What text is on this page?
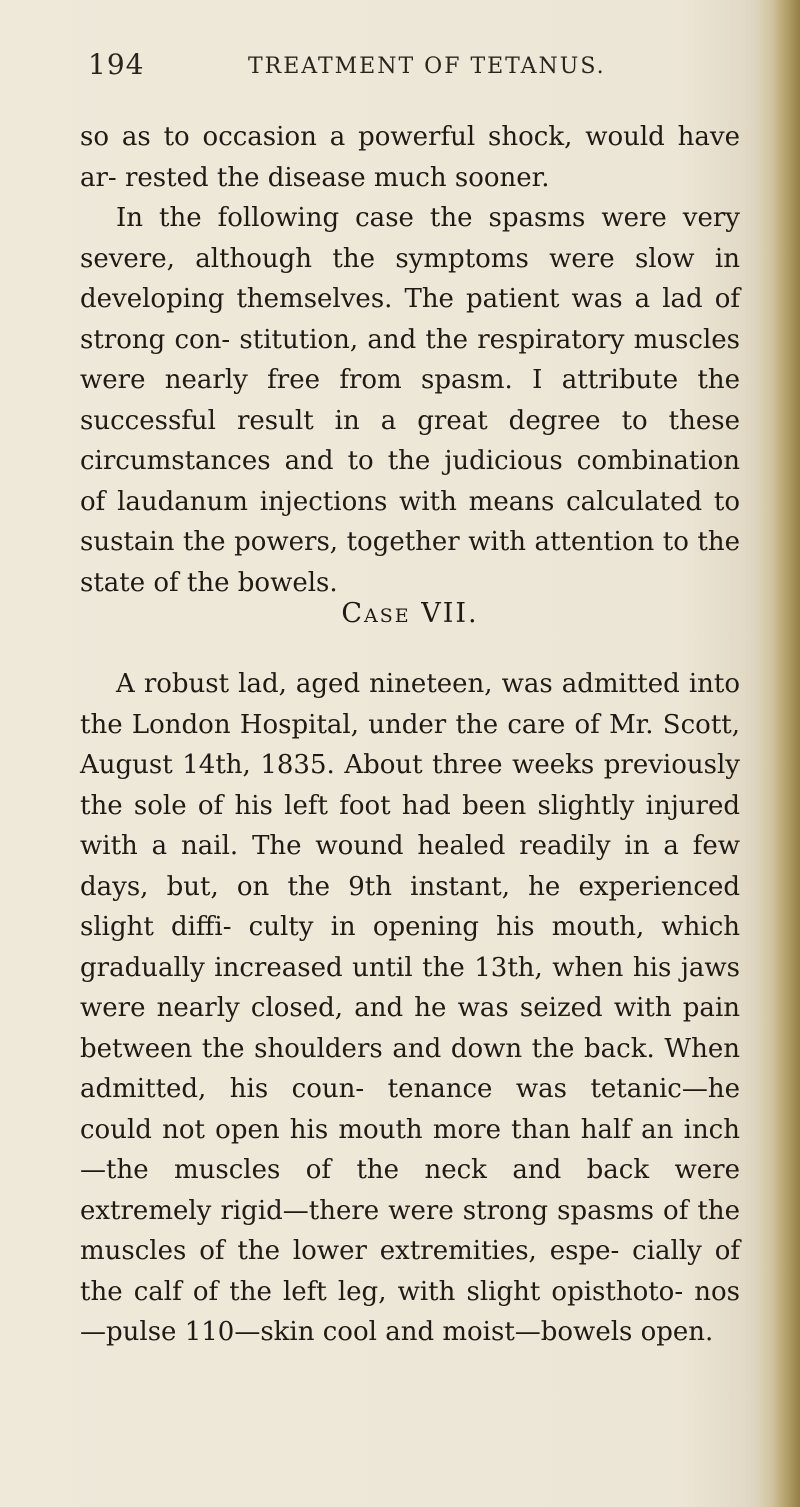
194	TREATMENT OF TETANUS.

so as to occasion a powerful shock, would have ar- rested the disease much sooner.

In the following case the spasms were very severe, although the symptoms were slow in developing themselves. The patient was a lad of strong con- stitution, and the respiratory muscles were nearly free from spasm. I attribute the successful result in a great degree to these circumstances and to the judicious combination of laudanum injections with means calculated to sustain the powers, together with attention to the state of the bowels.

Case VII.

A robust lad, aged nineteen, was admitted into the London Hospital, under the care of Mr. Scott, August 14th, 1835. About three weeks previously the sole of his left foot had been slightly injured with a nail. The wound healed readily in a few days, but, on the 9th instant, he experienced slight diffi- culty in opening his mouth, which gradually increased until the 13th, when his jaws were nearly closed, and he was seized with pain between the shoulders and down the back. When admitted, his coun- tenance was tetanic—he could not open his mouth more than half an inch—the muscles of the neck and back were extremely rigid—there were strong spasms of the muscles of the lower extremities, espe- cially of the calf of the left leg, with slight opisthoto- nos—pulse 110—skin cool and moist—bowels open.
